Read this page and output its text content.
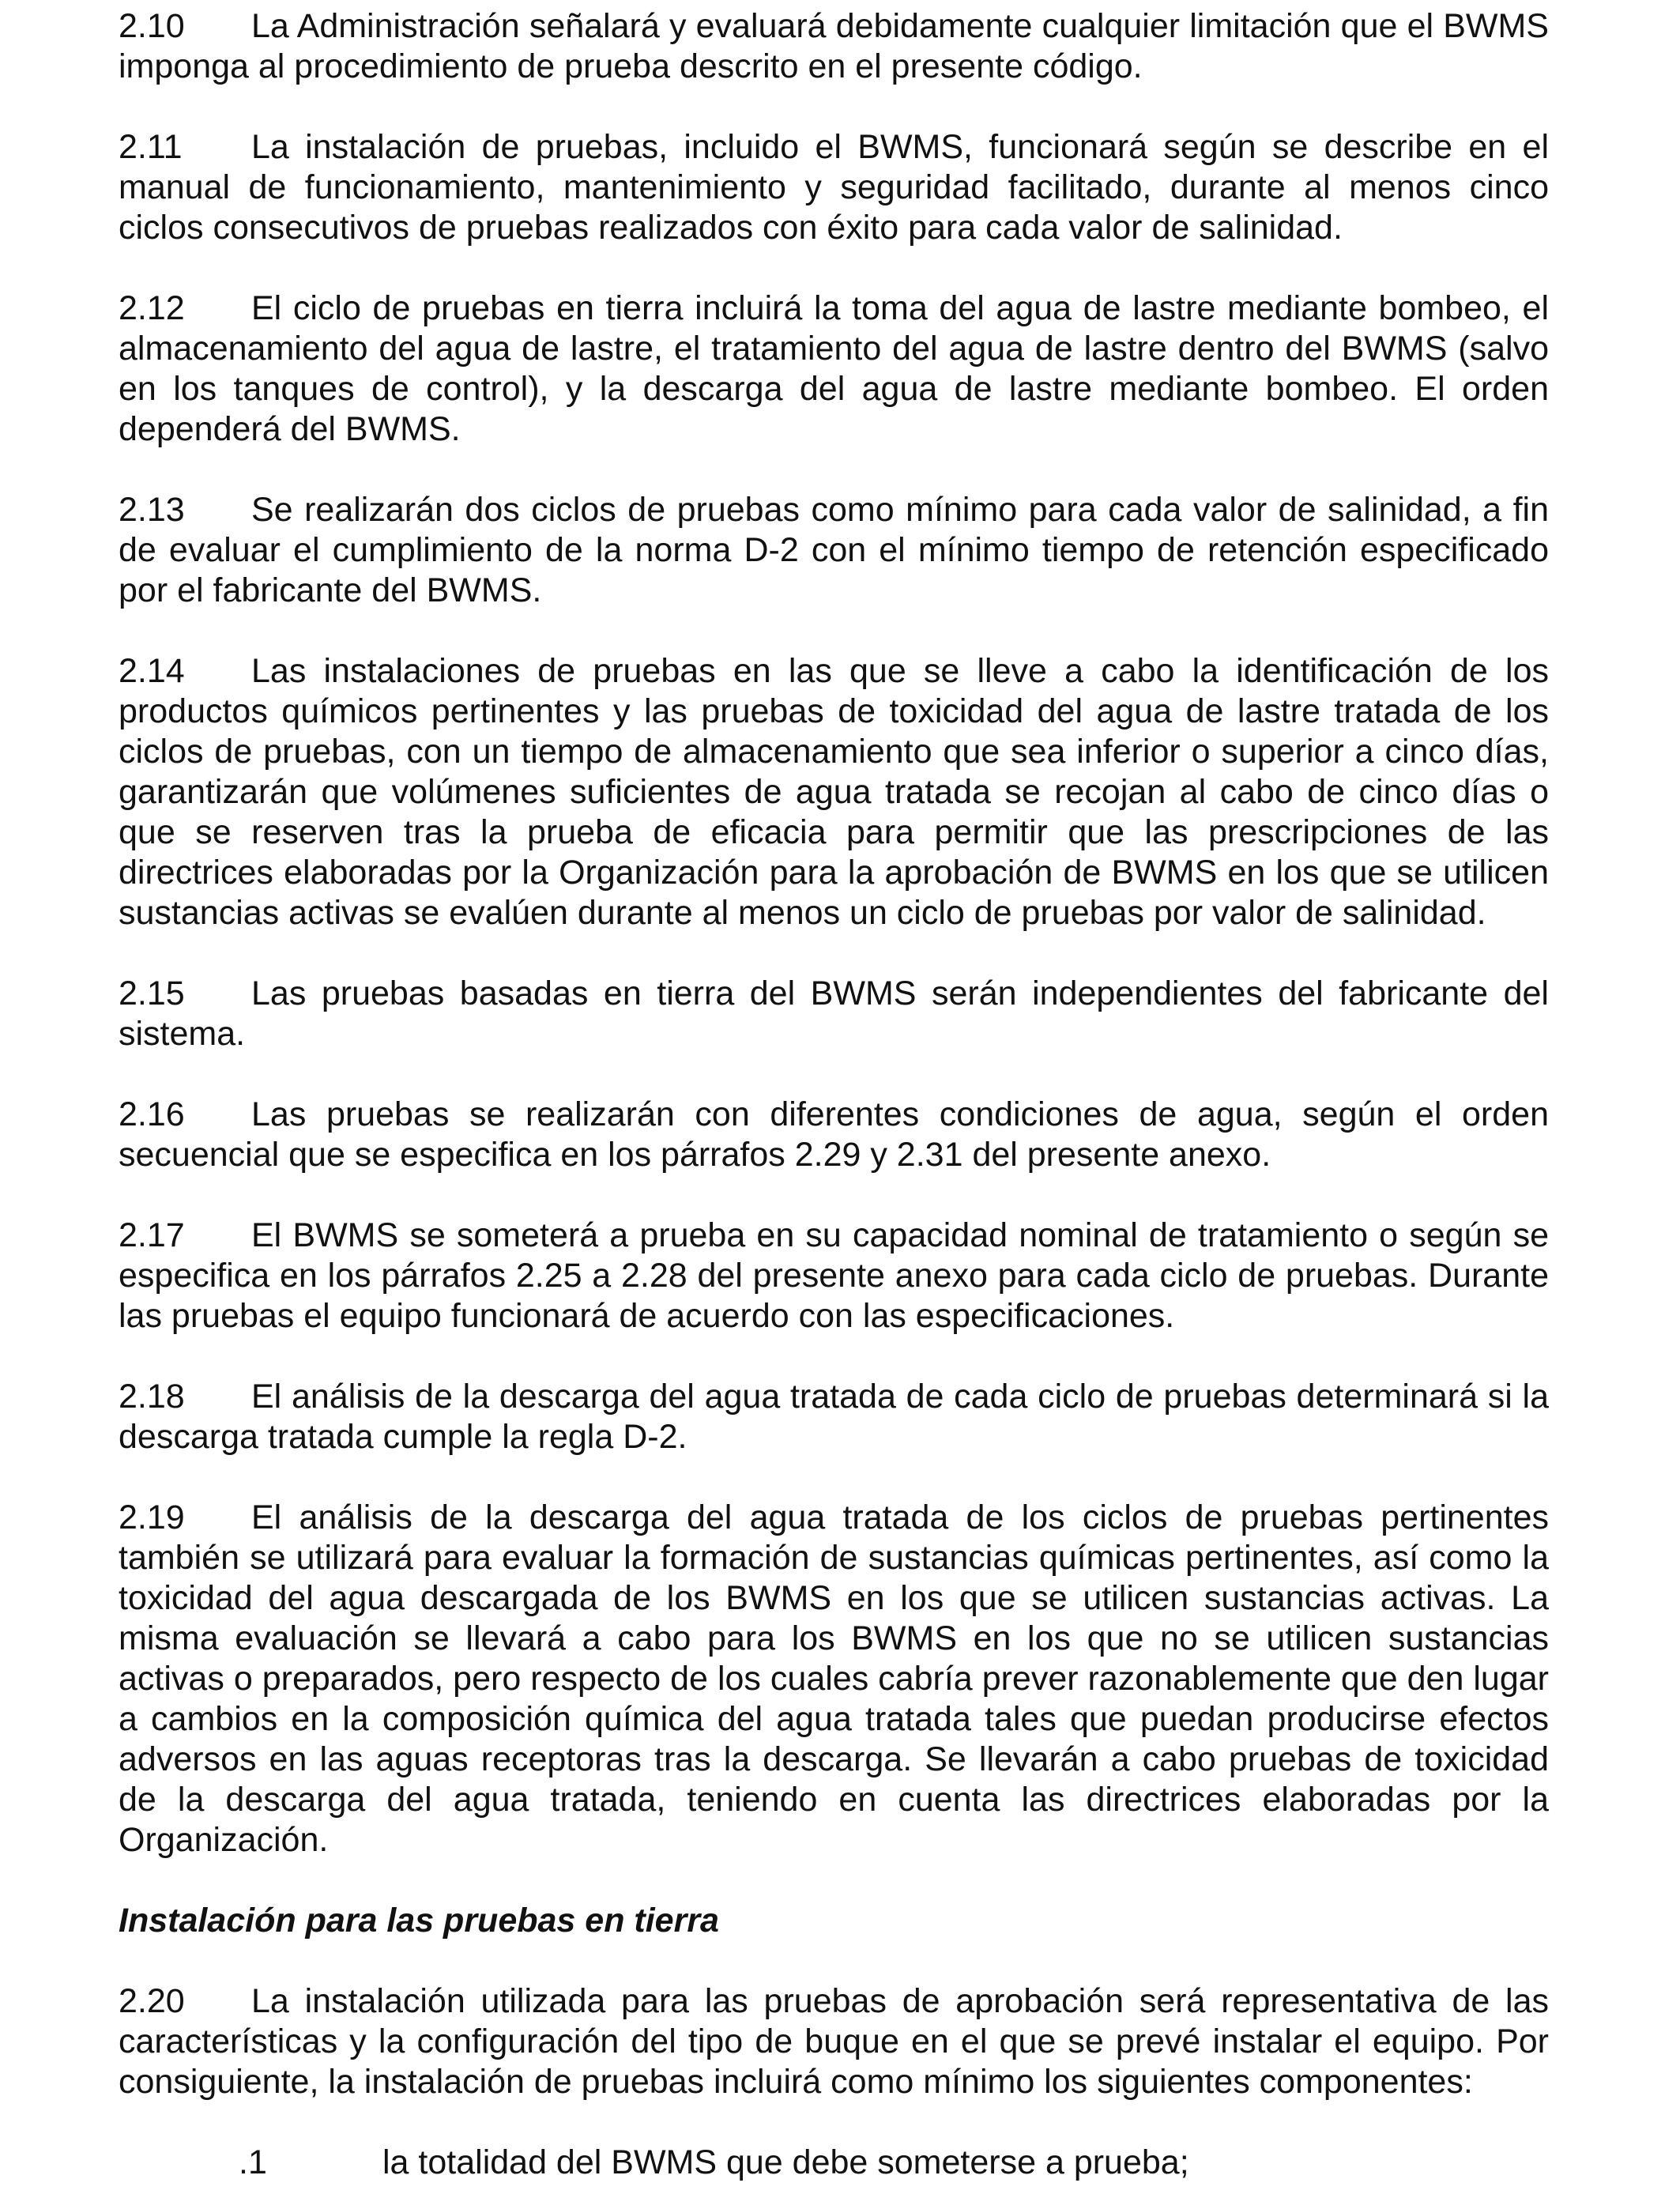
2.10 La Administración señalará y evaluará debidamente cualquier limitación que el BWMS imponga al procedimiento de prueba descrito en el presente código.

2.11 La instalación de pruebas, incluido el BWMS, funcionará según se describe en el manual de funcionamiento, mantenimiento y seguridad facilitado, durante al menos cinco ciclos consecutivos de pruebas realizados con éxito para cada valor de salinidad.

2.12 El ciclo de pruebas en tierra incluirá la toma del agua de lastre mediante bombeo, el almacenamiento del agua de lastre, el tratamiento del agua de lastre dentro del BWMS (salvo en los tanques de control), y la descarga del agua de lastre mediante bombeo. El orden dependerá del BWMS.

2.13 Se realizarán dos ciclos de pruebas como mínimo para cada valor de salinidad, a fin de evaluar el cumplimiento de la norma D-2 con el mínimo tiempo de retención especificado por el fabricante del BWMS.

2.14 Las instalaciones de pruebas en las que se lleve a cabo la identificación de los productos químicos pertinentes y las pruebas de toxicidad del agua de lastre tratada de los ciclos de pruebas, con un tiempo de almacenamiento que sea inferior o superior a cinco días, garantizarán que volúmenes suficientes de agua tratada se recojan al cabo de cinco días o que se reserven tras la prueba de eficacia para permitir que las prescripciones de las directrices elaboradas por la Organización para la aprobación de BWMS en los que se utilicen sustancias activas se evalúen durante al menos un ciclo de pruebas por valor de salinidad.

2.15 Las pruebas basadas en tierra del BWMS serán independientes del fabricante del sistema.

2.16 Las pruebas se realizarán con diferentes condiciones de agua, según el orden secuencial que se especifica en los párrafos 2.29 y 2.31 del presente anexo.

2.17 El BWMS se someterá a prueba en su capacidad nominal de tratamiento o según se especifica en los párrafos 2.25 a 2.28 del presente anexo para cada ciclo de pruebas. Durante las pruebas el equipo funcionará de acuerdo con las especificaciones.

2.18 El análisis de la descarga del agua tratada de cada ciclo de pruebas determinará si la descarga tratada cumple la regla D-2.

2.19 El análisis de la descarga del agua tratada de los ciclos de pruebas pertinentes también se utilizará para evaluar la formación de sustancias químicas pertinentes, así como la toxicidad del agua descargada de los BWMS en los que se utilicen sustancias activas. La misma evaluación se llevará a cabo para los BWMS en los que no se utilicen sustancias activas o preparados, pero respecto de los cuales cabría prever razonablemente que den lugar a cambios en la composición química del agua tratada tales que puedan producirse efectos adversos en las aguas receptoras tras la descarga. Se llevarán a cabo pruebas de toxicidad de la descarga del agua tratada, teniendo en cuenta las directrices elaboradas por la Organización.

Instalación para las pruebas en tierra

2.20 La instalación utilizada para las pruebas de aprobación será representativa de las características y la configuración del tipo de buque en el que se prevé instalar el equipo. Por consiguiente, la instalación de pruebas incluirá como mínimo los siguientes componentes:

.1	la totalidad del BWMS que debe someterse a prueba;
